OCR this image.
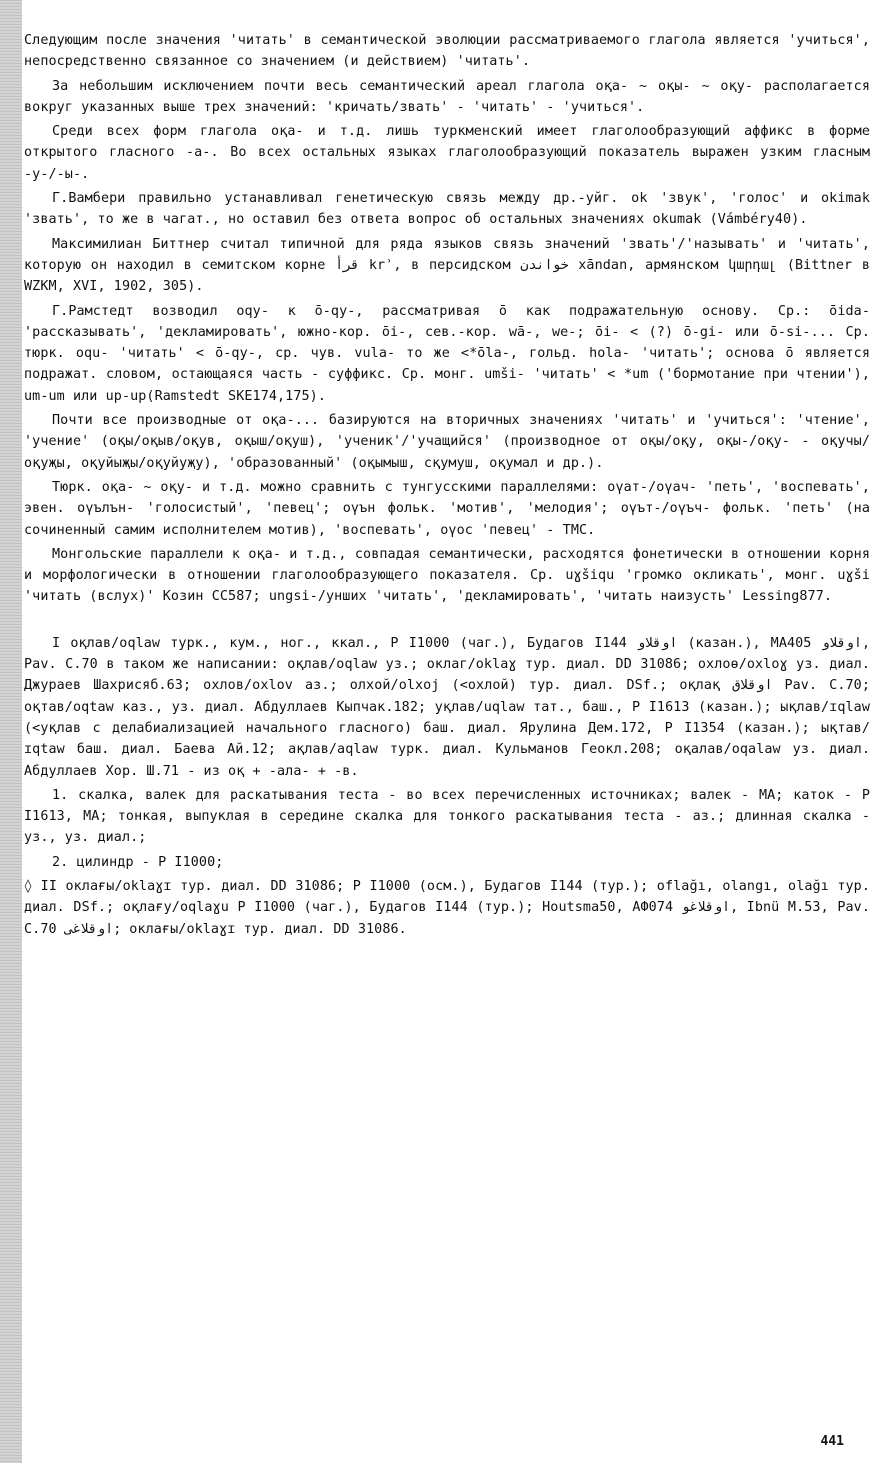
Следующим после значения 'читать' в семантической эволюции рассматриваемого глагола является 'учиться', непосредственно связанное со значением (и действием) 'читать'.

За небольшим исключением почти весь семантический ареал глагола оқа- ~ оқы- ~ оқу- располагается вокруг указанных выше трех значений: 'кричать/звать' - 'читать' - 'учиться'.

Среди всех форм глагола оқа- и т.д. лишь туркменский имеет глаголообразующий аффикс в форме открытого гласного -а-. Во всех остальных языках глаголообразующий показатель выражен узким гласным -у-/-ы-.

Г.Вамбери правильно устанавливал генетическую связь между др.-уйг. ok 'звук', 'голос' и okimak 'звать', то же в чагат., но оставил без ответа вопрос об остальных значениях okumak (Vámbéry40).

Максимилиан Биттнер считал типичной для ряда языков связь значений 'звать'/'называть' и 'читать', которую он находил в семитском корне قرأ krʾ, в персидском خواندن xāndan, армянском կարդալ (Bittner в WZKM, XVI, 1902, 305).

Г.Рамстедт возводил oqy- к ō-qy-, рассматривая ō как подражательную основу. Ср.: ōida- 'рассказывать', 'декламировать', южно-кор. ōi-, сев.-кор. wā-, we-; ōi- < (?) ō-gi- или ō-si-... Ср. тюрк. oqu- 'читать' < ō-qy-, ср. чув. vula- то же <*ōla-, гольд. hola- 'читать'; основа ō является подражат. словом, остающаяся часть - суффикс. Ср. монг. umši- 'читать' < *um ('бормотание при чтении'), um-um или up-up(Ramstedt SKE174,175).

Почти все производные от оқа-... базируются на вторичных значениях 'читать' и 'учиться': 'чтение', 'учение' (оқы/оқыв/оқув, оқыш/оқуш), 'ученик'/'учащийся' (производное от оқы/оқу, оқы-/оқу- - оқучы/оқуҗы, оқуйыҗы/оқуйуҗу), 'образованный' (оқымыш, сқумуш, оқумал и др.).

Тюрк. оқа- ~ оқу- и т.д. можно сравнить с тунгусскими параллелями: оүат-/оүач- 'петь', 'воспевать', эвен. оүълън- 'голосистый', 'певец'; оүън фольк. 'мотив', 'мелодия'; оүът-/оүъч- фольк. 'петь' (на сочиненный самим исполнителем мотив), 'воспевать', оүос 'певец' - ТМС.

Монгольские параллели к оқа- и т.д., совпадая семантически, расходятся фонетически в отношении корня и морфологически в отношении глаголообразующего показателя. Ср. uɣšiqu 'громко окликать', монг. uɣši 'читать (вслух)' Козин СС587; ungsi-/уншиx 'читать', 'декламировать', 'читать наизусть' Lessing877.

I оқлав/oqlaw турк., кум., ног., ккал., Р I1000 (чаг.), Будагов I144 اوقلاو (казан.), МА405 اوقلاو, Pav. C.70 в таком же написании: оқлав/oqlaw уз.; оклаг/oklaɣ тур. диал. DD 31086; охлоѳ/oxloɣ уз. диал. Джураев Шахрисяб.63; охлов/oxlov аз.; олхой/olxoj (<охлой) тур. диал. DSf.; оқлақ اوقلاق Pav. C.70; оқтав/oqtaw каз., уз. диал. Абдуллаев Кыпчак.182; уқлав/uqlaw тат., баш., Р I1613 (казан.); ықлав/ɪqlaw (<уқлав с делабиализацией начального гласного) баш. диал. Ярулина Дем.172, Р I1354 (казан.); ықтав/ɪqtaw баш. диал. Баева Ай.12; ақлав/aqlaw турк. диал. Кульманов Геокл.208; оқалав/oqalaw уз. диал. Абдуллаев Хор. Ш.71 - из оқ + -ала- + -в.

1. скалка, валек для раскатывания теста - во всех перечисленных источниках; валек - МА; каток - Р I1613, МА; тонкая, выпуклая в середине скалка для тонкого раскатывания теста - аз.; длинная скалка - уз., уз. диал.;

2. цилиндр - Р I1000;

◊ II оклағы/oklaɣɪ тур. диал. DD 31086; Р I1000 (осм.), Будагов I144 (тур.); oflağı, olangı, olağı тур. диал. DSf.; оқлағу/oqlaɣu Р I1000 (чаг.), Будагов I144 (тур.); Houtsma50, АФ074 اوقلاغو, Ibnü M.53, Pav. C.70 اوقلاغی; оклағы/oklaɣɪ тур. диал. DD 31086.

441
